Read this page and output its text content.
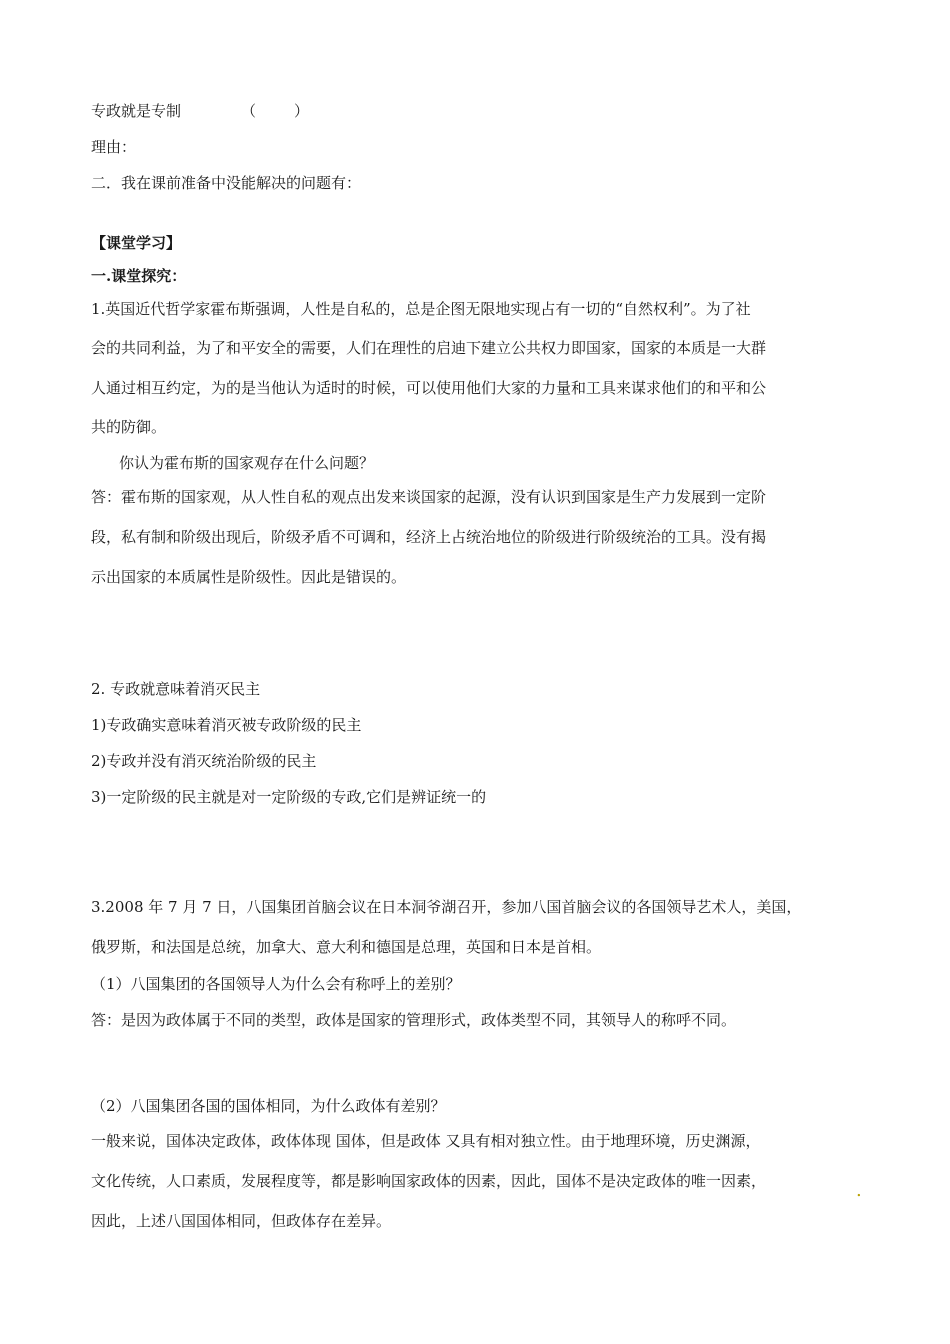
专政就是专制	（	）
理由：
二．我在课前准备中没能解决的问题有：
【课堂学习】
一.课堂探究：
1.英国近代哲学家霍布斯强调，人性是自私的，总是企图无限地实现占有一切的“自然权利”。为了社
会的共同利益，为了和平安全的需要，人们在理性的启迪下建立公共权力即国家，国家的本质是一大群
人通过相互约定，为的是当他认为适时的时候，可以使用他们大家的力量和工具来谋求他们的和平和公
共的防御。
你认为霍布斯的国家观存在什么问题？
答：霍布斯的国家观，从人性自私的观点出发来谈国家的起源，没有认识到国家是生产力发展到一定阶
段，私有制和阶级出现后，阶级矛盾不可调和，经济上占统治地位的阶级进行阶级统治的工具。没有揭
示出国家的本质属性是阶级性。因此是错误的。
2. 专政就意味着消灭民主
1)专政确实意味着消灭被专政阶级的民主
2)专政并没有消灭统治阶级的民主
3)一定阶级的民主就是对一定阶级的专政,它们是辨证统一的
3.2008 年 7 月 7 日，八国集团首脑会议在日本洞爷湖召开，参加八国首脑会议的各国领导艺术人，美国，
俄罗斯，和法国是总统，加拿大、意大利和德国是总理，英国和日本是首相。
（1）八国集团的各国领导人为什么会有称呼上的差别？
答：是因为政体属于不同的类型，政体是国家的管理形式，政体类型不同，其领导人的称呼不同。
（2）八国集团各国的国体相同，为什么政体有差别？
一般来说，国体决定政体，政体体现 国体，但是政体 又具有相对独立性。由于地理环境，历史渊源，
文化传统，人口素质，发展程度等，都是影响国家政体的因素，因此，国体不是决定政体的唯一因素，
因此，上述八国国体相同，但政体存在差异。
.
